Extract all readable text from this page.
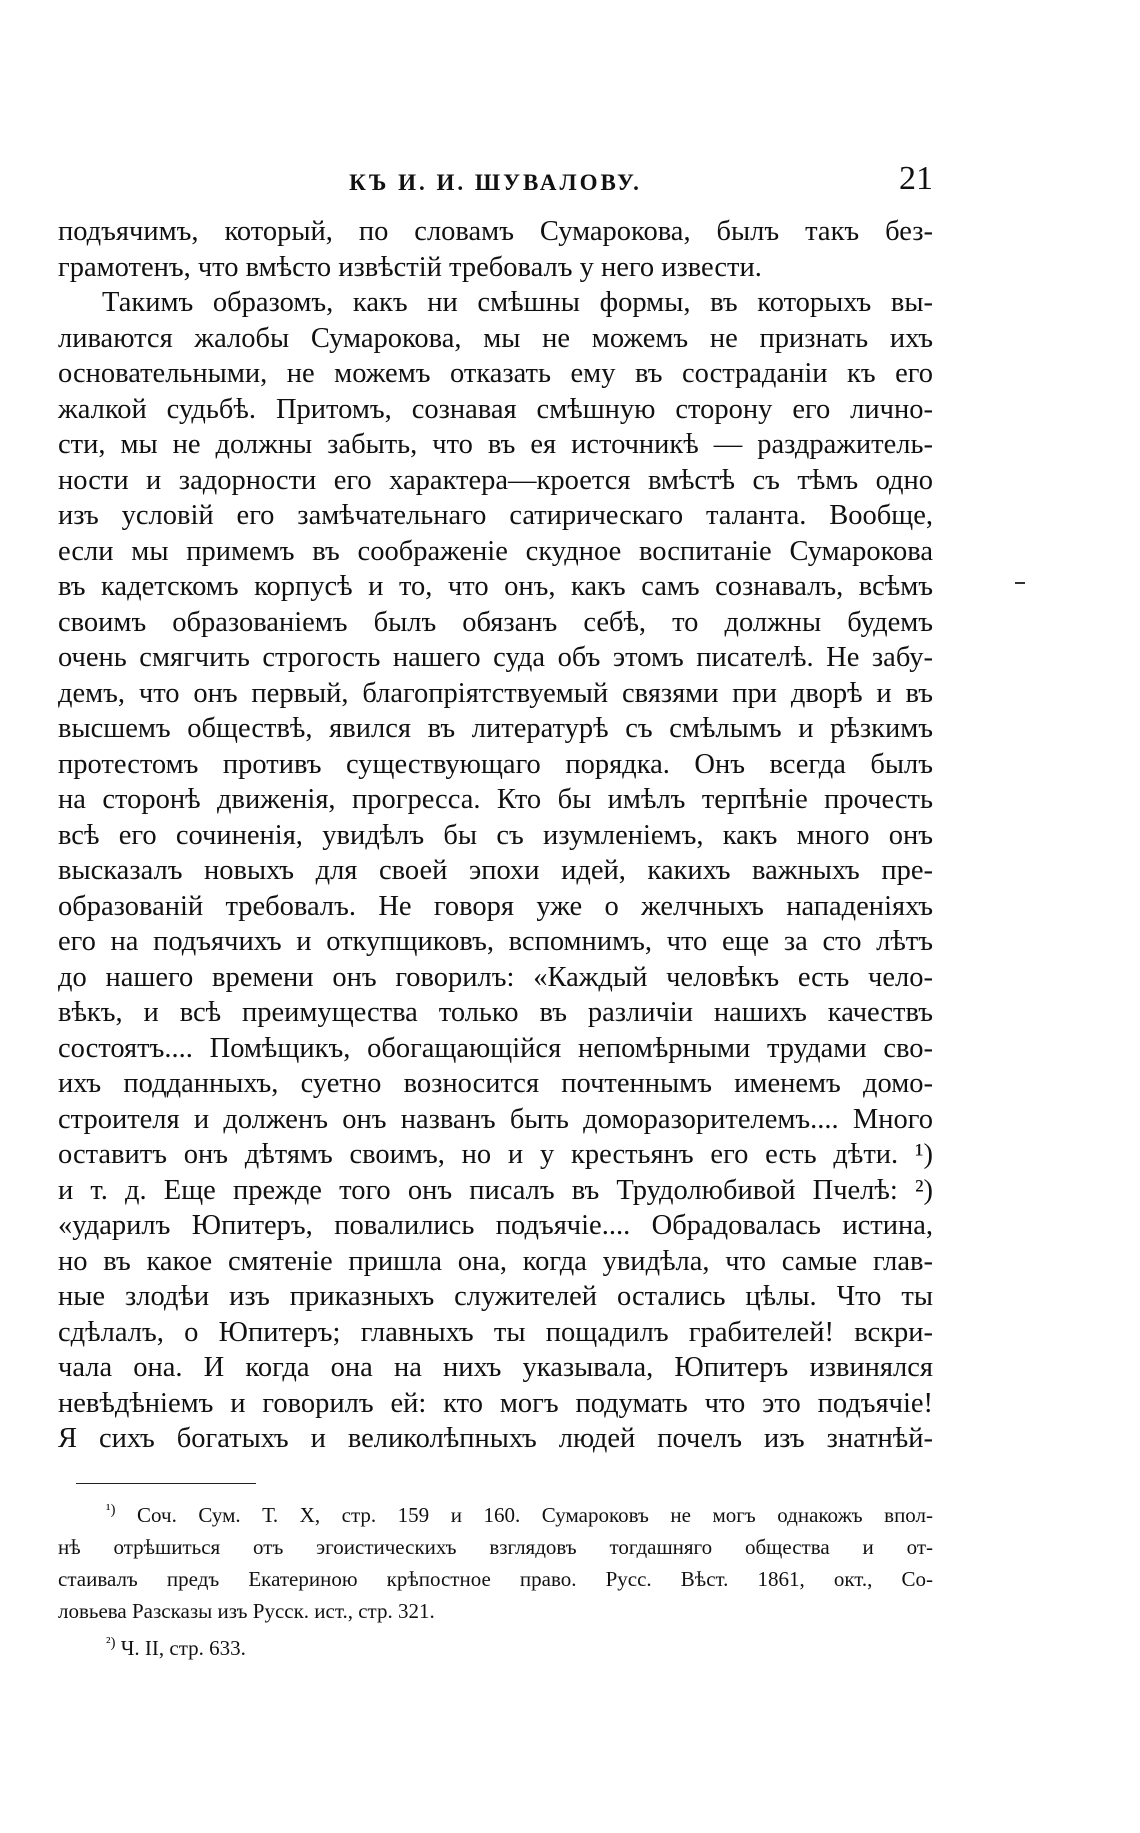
КЪ И. И. ШУВАЛОВУ.	21

подъячимъ, который, по словамъ Сумарокова, былъ такъ без-
грамотенъ, что вмѣсто извѣстій требовалъ у него извести.

Такимъ образомъ, какъ ни смѣшны формы, въ которыхъ вы-
ливаются жалобы Сумарокова, мы не можемъ не признать ихъ
основательными, не можемъ отказать ему въ состраданіи къ его
жалкой судьбѣ. Притомъ, сознавая смѣшную сторону его лично-
сти, мы не должны забыть, что въ ея источникѣ — раздражитель-
ности и задорности его характера—кроется вмѣстѣ съ тѣмъ одно
изъ условій его замѣчательнаго сатирическаго таланта. Вообще,
если мы примемъ въ соображеніе скудное воспитаніе Сумарокова
въ кадетскомъ корпусѣ и то, что онъ, какъ самъ сознавалъ, всѣмъ
своимъ образованіемъ былъ обязанъ себѣ, то должны будемъ
очень смягчить строгость нашего суда объ этомъ писателѣ. Не забу-
демъ, что онъ первый, благопріятствуемый связями при дворѣ и въ
высшемъ обществѣ, явился въ литературѣ съ смѣлымъ и рѣзкимъ
протестомъ противъ существующаго порядка. Онъ всегда былъ
на сторонѣ движенія, прогресса. Кто бы имѣлъ терпѣніе прочесть
всѣ его сочиненія, увидѣлъ бы съ изумленіемъ, какъ много онъ
высказалъ новыхъ для своей эпохи идей, какихъ важныхъ пре-
образованій требовалъ. Не говоря уже о желчныхъ нападеніяхъ
его на подъячихъ и откупщиковъ, вспомнимъ, что еще за сто лѣтъ
до нашего времени онъ говорилъ: «Каждый человѣкъ есть чело-
вѣкъ, и всѣ преимущества только въ различіи нашихъ качествъ
состоятъ.... Помѣщикъ, обогащающійся непомѣрными трудами сво-
ихъ подданныхъ, суетно возносится почтеннымъ именемъ домо-
строителя и долженъ онъ названъ быть доморазорителемъ.... Много
оставитъ онъ дѣтямъ своимъ, но и у крестьянъ его есть дѣти. ¹)
и т. д. Еще прежде того онъ писалъ въ Трудолюбивой Пчелѣ: ²)
«ударилъ Юпитеръ, повалились подъячіе.... Обрадовалась истина,
но въ какое смятеніе пришла она, когда увидѣла, что самые глав-
ные злодѣи изъ приказныхъ служителей остались цѣлы. Что ты
сдѣлалъ, о Юпитеръ; главныхъ ты пощадилъ грабителей! вскри-
чала она. И когда она на нихъ указывала, Юпитеръ извинялся
невѣдѣніемъ и говорилъ ей: кто могъ подумать что это подъячіе!
Я сихъ богатыхъ и великолѣпныхъ людей почелъ изъ знатнѣй-

$^{^1)}$ Соч. Сум. Т. X, стр. 159 и 160. Сумароковъ не могъ однакожъ впол-
нѣ отрѣшиться отъ эгоистическихъ взглядовъ тогдашняго общества и от-
стаивалъ предъ Екатериною крѣпостное право. Русс. Вѣст. 1861, окт., Со-
ловьева Разсказы изъ Русск. ист., стр. 321.
$^{^2)}$ Ч. II, стр. 633.
